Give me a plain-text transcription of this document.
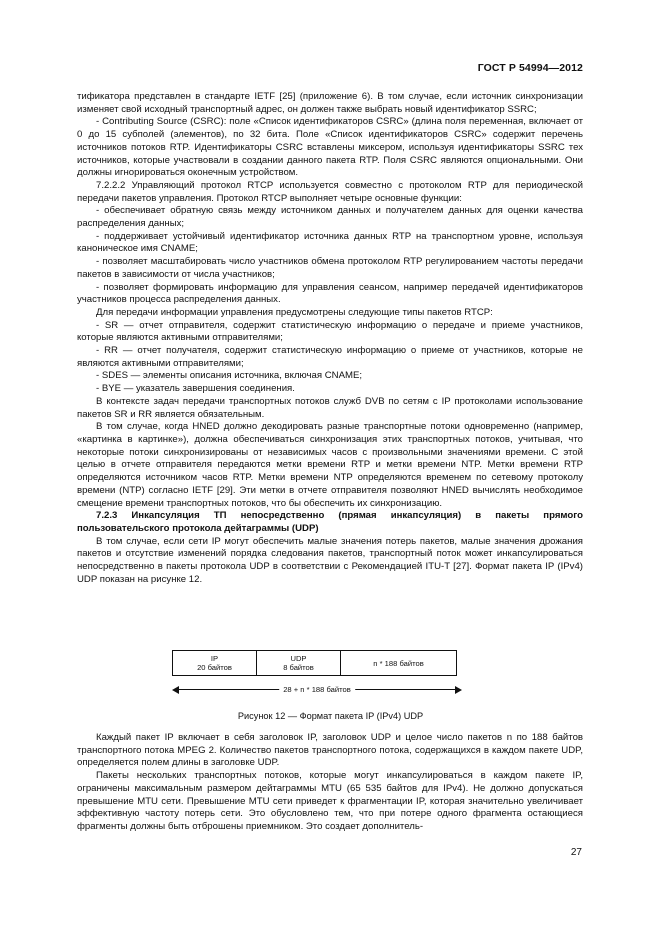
ГОСТ Р 54994—2012

тификатора представлен в стандарте IETF [25] (приложение 6). В том случае, если источник синхронизации изменяет свой исходный транспортный адрес, он должен также выбрать новый идентификатор SSRC;

- Contributing Source (CSRC): поле «Список идентификаторов CSRC» (длина поля переменная, включает от 0 до 15 субполей (элементов), по 32 бита. Поле «Список идентификаторов CSRC» содержит перечень источников потоков RTP. Идентификаторы CSRC вставлены миксером, используя идентификаторы SSRC тех источников, которые участвовали в создании данного пакета RTP. Поля CSRC являются опциональными. Они должны игнорироваться оконечным устройством.

7.2.2.2 Управляющий протокол RTCP используется совместно с протоколом RTP для периодической передачи пакетов управления. Протокол RTCP выполняет четыре основные функции:

- обеспечивает обратную связь между источником данных и получателем данных для оценки качества распределения данных;

- поддерживает устойчивый идентификатор источника данных RTP на транспортном уровне, используя каноническое имя CNAME;

- позволяет масштабировать число участников обмена протоколом RTP регулированием частоты передачи пакетов в зависимости от числа участников;

- позволяет формировать информацию для управления сеансом, например передачей идентификаторов участников процесса распределения данных.

Для передачи информации управления предусмотрены следующие типы пакетов RTCP:

- SR — отчет отправителя, содержит статистическую информацию о передаче и приеме участников, которые являются активными отправителями;

- RR — отчет получателя, содержит статистическую информацию о приеме от участников, которые не являются активными отправителями;

- SDES — элементы описания источника, включая CNAME;

- BYE — указатель завершения соединения.

В контексте задач передачи транспортных потоков служб DVB по сетям с IP протоколами использование пакетов SR и RR является обязательным.

В том случае, когда HNED должно декодировать разные транспортные потоки одновременно (например, «картинка в картинке»), должна обеспечиваться синхронизация этих транспортных потоков, учитывая, что некоторые потоки синхронизированы от независимых часов с произвольными значениями времени. С этой целью в отчете отправителя передаются метки времени RTP и метки времени NTP. Метки времени RTP определяются источником часов RTP. Метки времени NTP определяются временем по сетевому протоколу времени (NTP) согласно IETF [29]. Эти метки в отчете отправителя позволяют HNED вычислять необходимое смещение времени транспортных потоков, что бы обеспечить их синхронизацию.

7.2.3 Инкапсуляция ТП непосредственно (прямая инкапсуляция) в пакеты прямого пользовательского протокола дейтаграммы (UDP)

В том случае, если сети IP могут обеспечить малые значения потерь пакетов, малые значения дрожания пакетов и отсутствие изменений порядка следования пакетов, транспортный поток может инкапсулироваться непосредственно в пакеты протокола UDP в соответствии с Рекомендацией ITU-T [27]. Формат пакета IP (IPv4) UDP показан на рисунке 12.

IP
20 байтов
UDP
8 байтов	n * 188 байтов
28 + n * 188 байтов
Рисунок 12 — Формат пакета IP (IPv4) UDP

Каждый пакет IP включает в себя заголовок IP, заголовок UDP и целое число пакетов n по 188 байтов транспортного потока MPEG 2. Количество пакетов транспортного потока, содержащихся в каждом пакете UDP, определяется полем длины в заголовке UDP.

Пакеты нескольких транспортных потоков, которые могут инкапсулироваться в каждом пакете IP, ограничены максимальным размером дейтаграммы MTU (65 535 байтов для IPv4). Не должно допускаться превышение MTU сети. Превышение MTU сети приведет к фрагментации IP, которая значительно увеличивает эффективную частоту потерь сети. Это обусловлено тем, что при потере одного фрагмента остающиеся фрагменты должны быть отброшены приемником. Это создает дополнитель-

27
